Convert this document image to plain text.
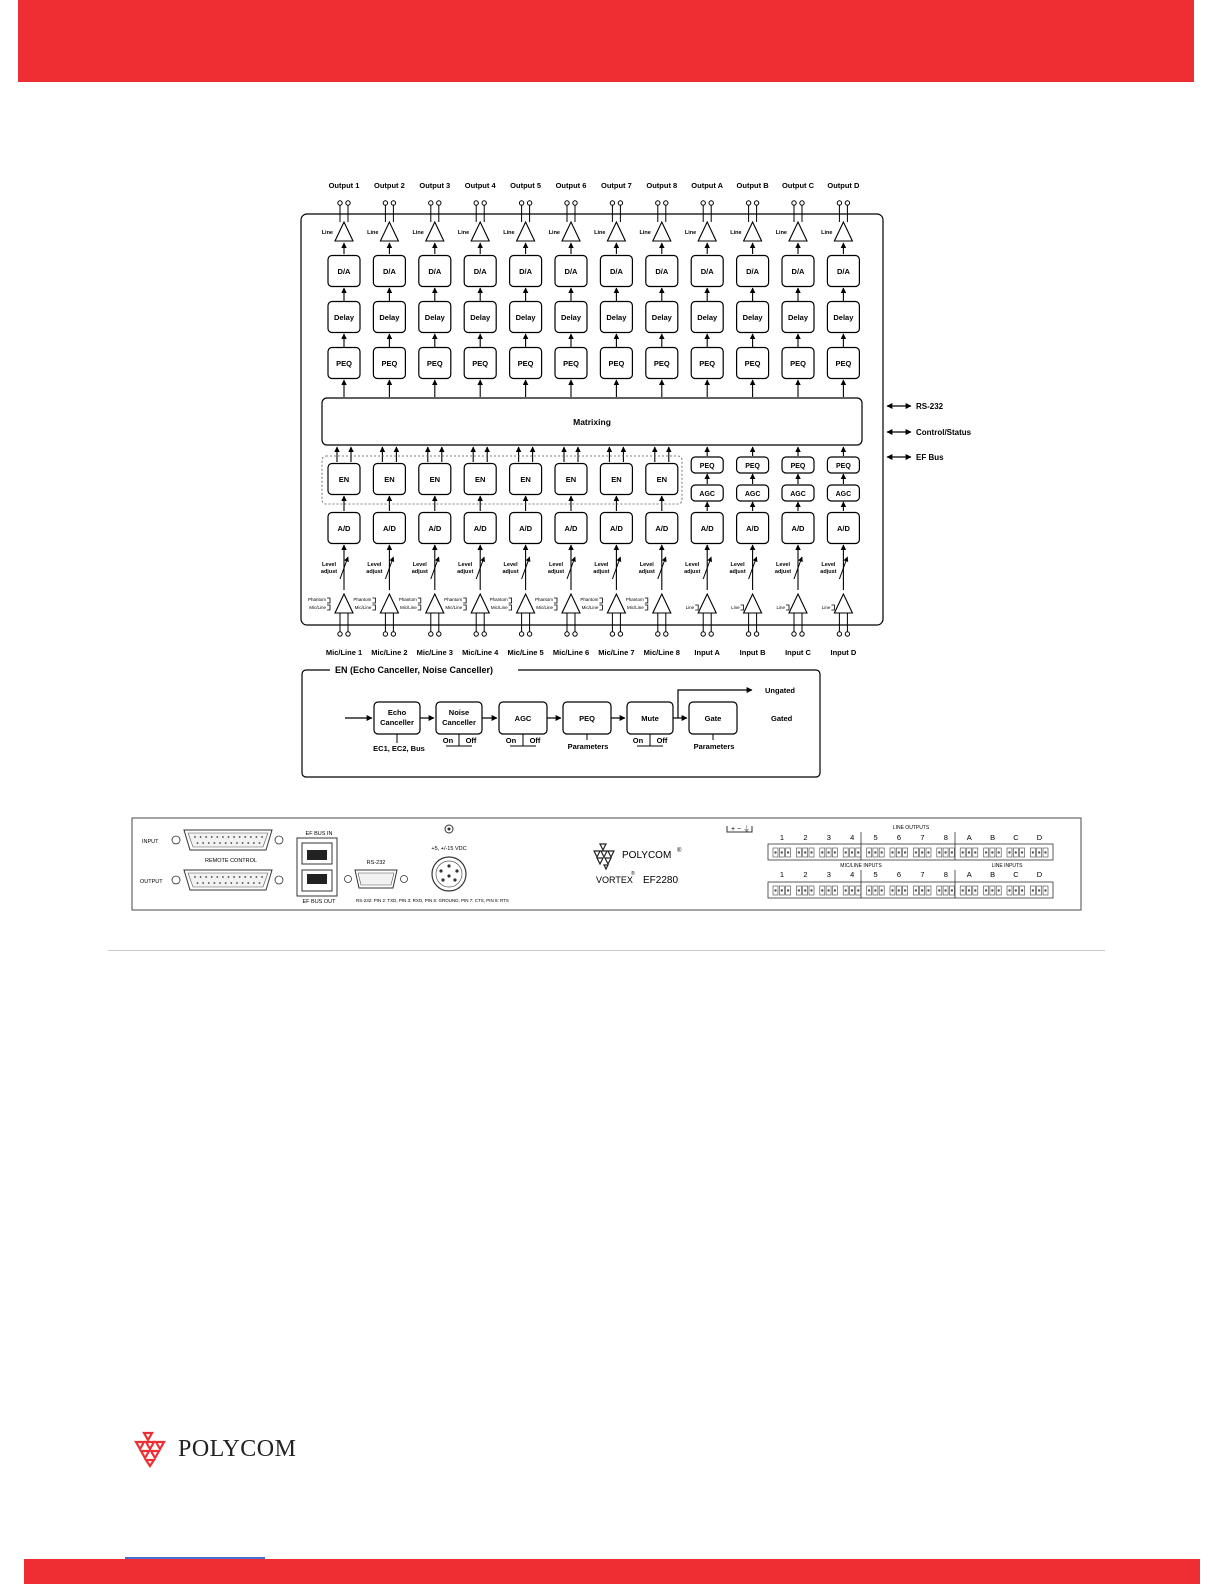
Output 1
Line
D/A
Delay
PEQ
EN
A/D
Level
adjust
Phantom
Mic/Line
Mic/Line 1
Output 2
Line
D/A
Delay
PEQ
EN
A/D
Level
adjust
Phantom
Mic/Line
Mic/Line 2
Output 3
Line
D/A
Delay
PEQ
EN
A/D
Level
adjust
Phantom
Mic/Line
Mic/Line 3
Output 4
Line
D/A
Delay
PEQ
EN
A/D
Level
adjust
Phantom
Mic/Line
Mic/Line 4
Output 5
Line
D/A
Delay
PEQ
EN
A/D
Level
adjust
Phantom
Mic/Line
Mic/Line 5
Output 6
Line
D/A
Delay
PEQ
EN
A/D
Level
adjust
Phantom
Mic/Line
Mic/Line 6
Output 7
Line
D/A
Delay
PEQ
EN
A/D
Level
adjust
Phantom
Mic/Line
Mic/Line 7
Output 8
Line
D/A
Delay
PEQ
EN
A/D
Level
adjust
Phantom
Mic/Line
Mic/Line 8
Output A
Line
D/A
Delay
PEQ
PEQ
AGC
A/D
Level
adjust
Line
Input A
Output B
Line
D/A
Delay
PEQ
PEQ
AGC
A/D
Level
adjust
Line
Input B
Output C
Line
D/A
Delay
PEQ
PEQ
AGC
A/D
Level
adjust
Line
Input C
Output D
Line
D/A
Delay
PEQ
PEQ
AGC
A/D
Level
adjust
Line
Input D
Matrixing
RS-232
Control/Status
EF Bus
EN (Echo Canceller, Noise Canceller)
Echo
Canceller
EC1, EC2, Bus
Noise
Canceller
On Off
AGC
On Off
PEQ
Parameters
Mute
On Off
Gate
Parameters
Ungated
Gated
INPUT
OUTPUT
REMOTE CONTROL
EF BUS IN
EF BUS OUT
RS-232
RS-232: PIN 2: TXD, PIN 3: RXD, PIN 5: GROUND, PIN 7: CTS, PIN 8: RTS
+5, +/-15 VDC
POLYCOM ®
VORTEX
®
EF2280
+ − ⏚
1	2	3	4	5	6	7	8	A B C D
1	2	3	4	5	6	7	8	A B C D
LINE OUTPUTS
MIC/LINE INPUTS	LINE INPUTS
POLYCOM
